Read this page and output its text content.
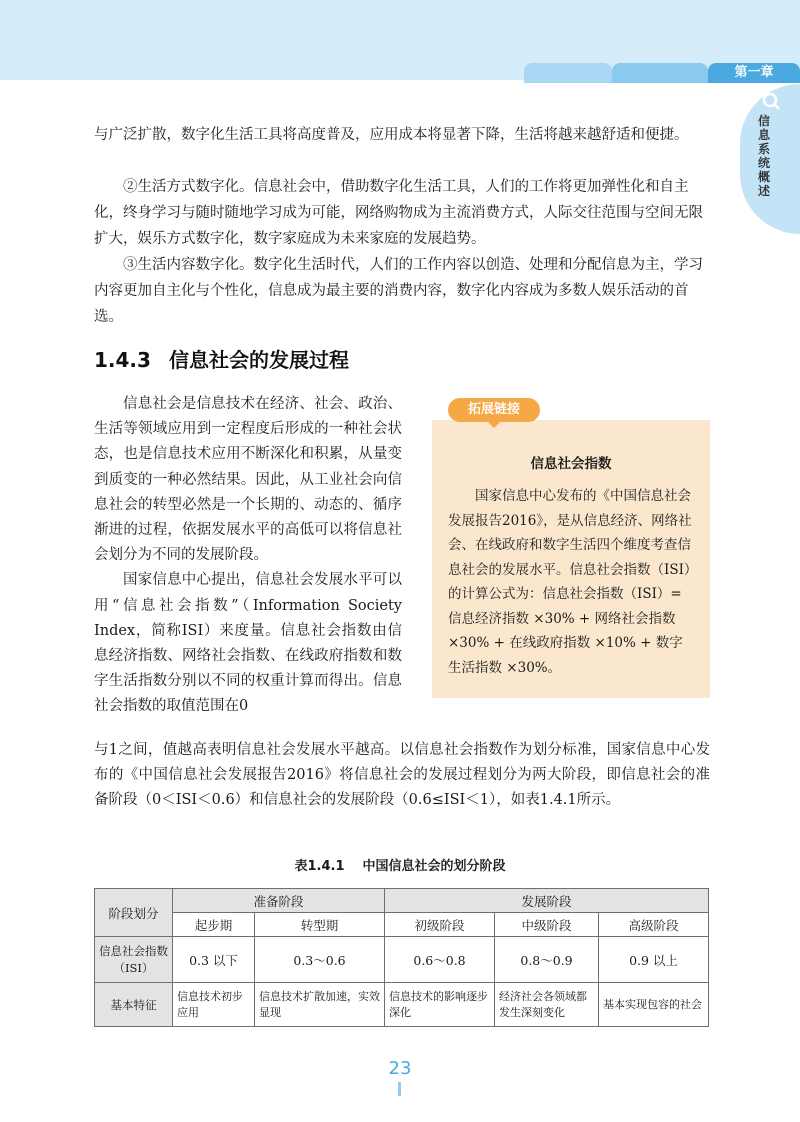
第一章
信息系统概述

与广泛扩散，数字化生活工具将高度普及，应用成本将显著下降，生活将越来越舒适和便捷。

②生活方式数字化。信息社会中，借助数字化生活工具，人们的工作将更加弹性化和自主化，终身学习与随时随地学习成为可能，网络购物成为主流消费方式，人际交往范围与空间无限扩大，娱乐方式数字化，数字家庭成为未来家庭的发展趋势。

③生活内容数字化。数字化生活时代，人们的工作内容以创造、处理和分配信息为主，学习内容更加自主化与个性化，信息成为最主要的消费内容，数字化内容成为多数人娱乐活动的首选。

1.4.3 信息社会的发展过程

信息社会是信息技术在经济、社会、政治、生活等领域应用到一定程度后形成的一种社会状态，也是信息技术应用不断深化和积累，从量变到质变的一种必然结果。因此，从工业社会向信息社会的转型必然是一个长期的、动态的、循序渐进的过程，依据发展水平的高低可以将信息社会划分为不同的发展阶段。

国家信息中心提出，信息社会发展水平可以用“信息社会指数”（Information Society Index，简称ISI）来度量。信息社会指数由信息经济指数、网络社会指数、在线政府指数和数字生活指数分别以不同的权重计算而得出。信息社会指数的取值范围在0

与1之间，值越高表明信息社会发展水平越高。以信息社会指数作为划分标准，国家信息中心发布的《中国信息社会发展报告2016》将信息社会的发展过程划分为两大阶段，即信息社会的准备阶段（0＜ISI＜0.6）和信息社会的发展阶段（0.6≤ISI＜1），如表1.4.1所示。

拓展链接
信息社会指数

国家信息中心发布的《中国信息社会发展报告2016》，是从信息经济、网络社会、在线政府和数字生活四个维度考查信息社会的发展水平。信息社会指数（ISI）的计算公式为：信息社会指数（ISI）= 信息经济指数 ×30% + 网络社会指数 ×30% + 在线政府指数 ×10% + 数字生活指数 ×30%。

表1.4.1 中国信息社会的划分阶段
阶段划分	准备阶段		发展阶段		
	起步期	转型期	初级阶段	中级阶段	高级阶段
信息社会指数（ISI）	0.3 以下	0.3～0.6	0.6～0.8	0.8～0.9	0.9 以上
基本特征	信息技术初步应用	信息技术扩散加速，实效显现	信息技术的影响逐步深化	经济社会各领域都发生深刻变化	基本实现包容的社会
23
